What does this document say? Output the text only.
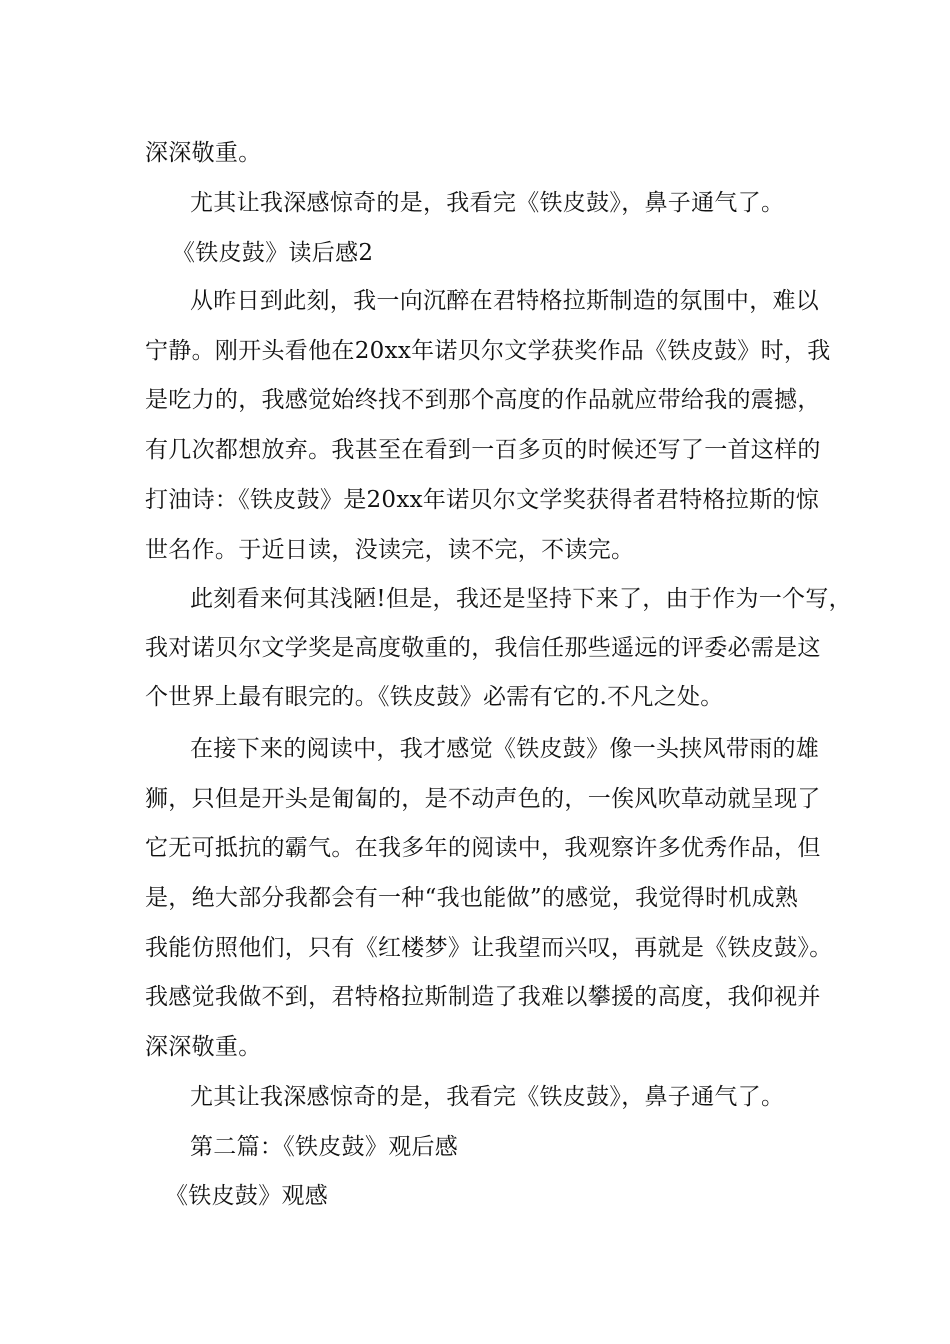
深深敬重。
尤其让我深感惊奇的是，我看完《铁皮鼓》，鼻子通气了。
《铁皮鼓》读后感2
从昨日到此刻，我一向沉醉在君特格拉斯制造的氛围中，难以
宁静。刚开头看他在20xx年诺贝尔文学获奖作品《铁皮鼓》时，我
是吃力的，我感觉始终找不到那个高度的作品就应带给我的震撼，
有几次都想放弃。我甚至在看到一百多页的时候还写了一首这样的
打油诗：《铁皮鼓》是20xx年诺贝尔文学奖获得者君特格拉斯的惊
世名作。于近日读，没读完，读不完，不读完。
此刻看来何其浅陋!但是，我还是坚持下来了，由于作为一个写，
我对诺贝尔文学奖是高度敬重的，我信任那些遥远的评委必需是这
个世界上最有眼完的。《铁皮鼓》必需有它的.不凡之处。
在接下来的阅读中，我才感觉《铁皮鼓》像一头挟风带雨的雄
狮，只但是开头是匍匐的，是不动声色的，一俟风吹草动就呈现了
它无可抵抗的霸气。在我多年的阅读中，我观察许多优秀作品，但
是，绝大部分我都会有一种“我也能做”的感觉，我觉得时机成熟
我能仿照他们，只有《红楼梦》让我望而兴叹，再就是《铁皮鼓》。
我感觉我做不到，君特格拉斯制造了我难以攀援的高度，我仰视并
深深敬重。
尤其让我深感惊奇的是，我看完《铁皮鼓》，鼻子通气了。
第二篇：《铁皮鼓》观后感
《铁皮鼓》观感
